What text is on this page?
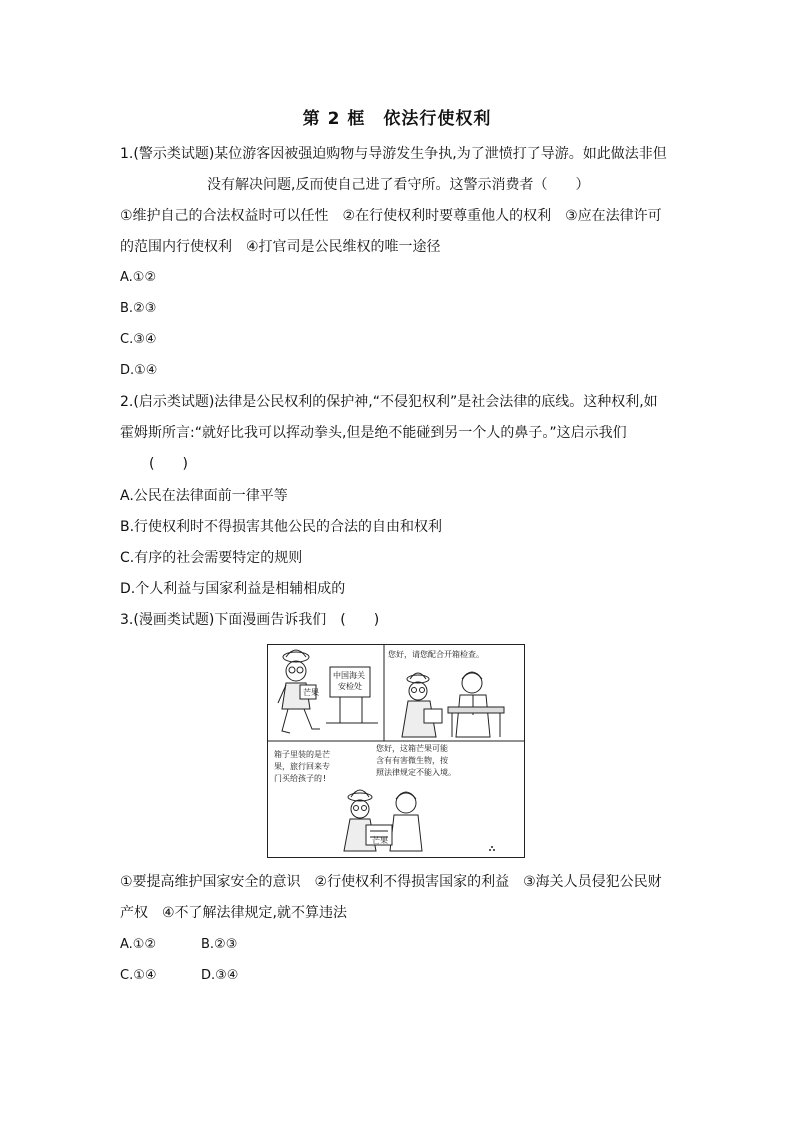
第 2 框　依法行使权利
1.(警示类试题)某位游客因被强迫购物与导游发生争执,为了泄愤打了导游。如此做法非但
没有解决问题,反而使自己进了看守所。这警示消费者（　　）
①维护自己的合法权益时可以任性　②在行使权利时要尊重他人的权利　③应在法律许可
的范围内行使权利　④打官司是公民维权的唯一途径
A.①②
B.②③
C.③④
D.①④
2.(启示类试题)法律是公民权利的保护神,“不侵犯权利”是社会法律的底线。这种权利,如
霍姆斯所言:“就好比我可以挥动拳头,但是绝不能碰到另一个人的鼻子。”这启示我们
(　　)
A.公民在法律面前一律平等
B.行使权利时不得损害其他公民的合法的自由和权利
C.有序的社会需要特定的规则
D.个人利益与国家利益是相辅相成的
3.(漫画类试题)下面漫画告诉我们　(　　)
芒果
中国海关
安检处
您好，请您配合开箱检查。
箱子里装的是芒
果，旅行回来专
门买给孩子的!
您好，这箱芒果可能
含有有害微生物，按
照法律规定不能入境。
芒果
①要提高维护国家安全的意识　②行使权利不得损害国家的利益　③海关人员侵犯公民财
产权　④不了解法律规定,就不算违法
A.①②	B.②③
C.①④	D.③④
